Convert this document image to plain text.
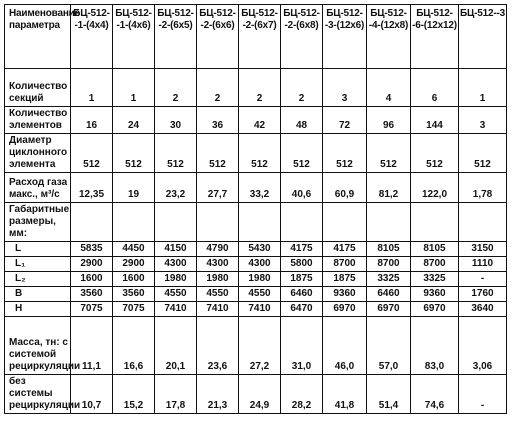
Наименование параметра	БЦ-512--1-(4х4)	БЦ-512--1-(4х6)	БЦ-512--2-(6х5)	БЦ-512--2-(6х6)	БЦ-512--2-(6х7)	БЦ-512--2-(6х8)	БЦ-512--3-(12х6)	БЦ-512--4-(12х8)	БЦ-512--6-(12х12)	БЦ-512--3
Количество секций	1	1	2	2	2	2	3	4	6	1
Количество элементов	16	24	30	36	42	48	72	96	144	3
Диаметр циклонного элемента	512	512	512	512	512	512	512	512	512	512
Расход газа макс., м³/с	12,35	19	23,2	27,7	33,2	40,6	60,9	81,2	122,0	1,78
Габаритные размеры, мм:										
L	5835	4450	4150	4790	5430	4175	4175	8105	8105	3150
L₁	2900	2900	4300	4300	4300	5800	8700	8700	8700	1110
L₂	1600	1600	1980	1980	1980	1875	1875	3325	3325	-
B	3560	3560	4550	4550	4550	6460	9360	6460	9360	1760
H	7075	7075	7410	7410	7410	6470	6970	6970	6970	3640
Масса, тн: с системой рециркуляции	11,1	16,6	20,1	23,6	27,2	31,0	46,0	57,0	83,0	3,06
без системы рециркуляции	10,7	15,2	17,8	21,3	24,9	28,2	41,8	51,4	74,6	-
